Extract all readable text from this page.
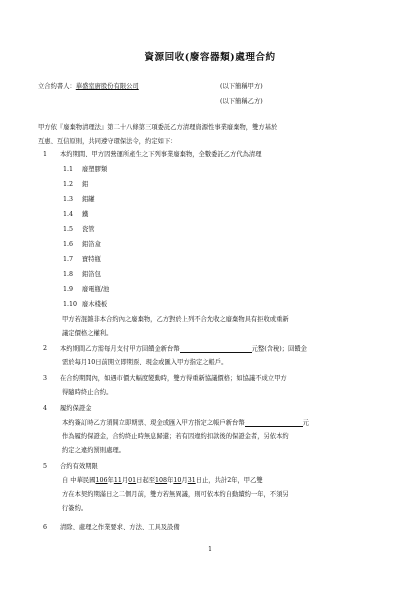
資源回收(廢容器類)處理合約
立合約書人：華盛室廚股份有限公司	(以下簡稱甲方)
(以下簡稱乙方)
甲方依『廢棄物清理法』第二十八條第三項委託乙方清理資源性事業廢棄物，雙方基於
互惠、互信原則，共同遵守環保法令，約定如下：
1 本約期間、甲方因營運所產生之下列事業廢棄物，全數委託乙方代為清理
1.1 廢塑膠類
1.2 鋁
1.3 鋁罐
1.4 鐵
1.5 瓷管
1.6 鋁箔盒
1.7 寶特瓶
1.8 鋁箔包
1.9 廢電瓶/池
1.10 廢木棧板
甲方若混雜非本合約內之廢棄物，乙方對於上列不合允收之廢棄物具有拒收或重新
議定價格之權利。
2 本約期間乙方需每月支付甲方回饋金新台幣	元整(含稅)；回饋金
需於每月10日前開立即期票、現金或匯入甲方指定之帳戶。
3 在合約期間內，如遇市價大幅度變動時，雙方得重新協議價格；如協議不成立甲方
得隨時終止合約。
4 履約保證金
本約簽訂時乙方須開立即期票、現金或匯入甲方指定之帳戶新台幣	元
作為履約保證金，合約終止時無息歸還；若有因違約扣款後的保證金者，另依本約
約定之違約罰則處理。
5 合約有效期限
自 中華民國106年11月01日起至108年10月31日止，共計2年，甲乙雙
方在本契約期滿日之二個月前，雙方若無異議，則可依本約自動續約一年，不須另
行簽約。
6 清除、處理之作業要求、方法、工具及設備
1
